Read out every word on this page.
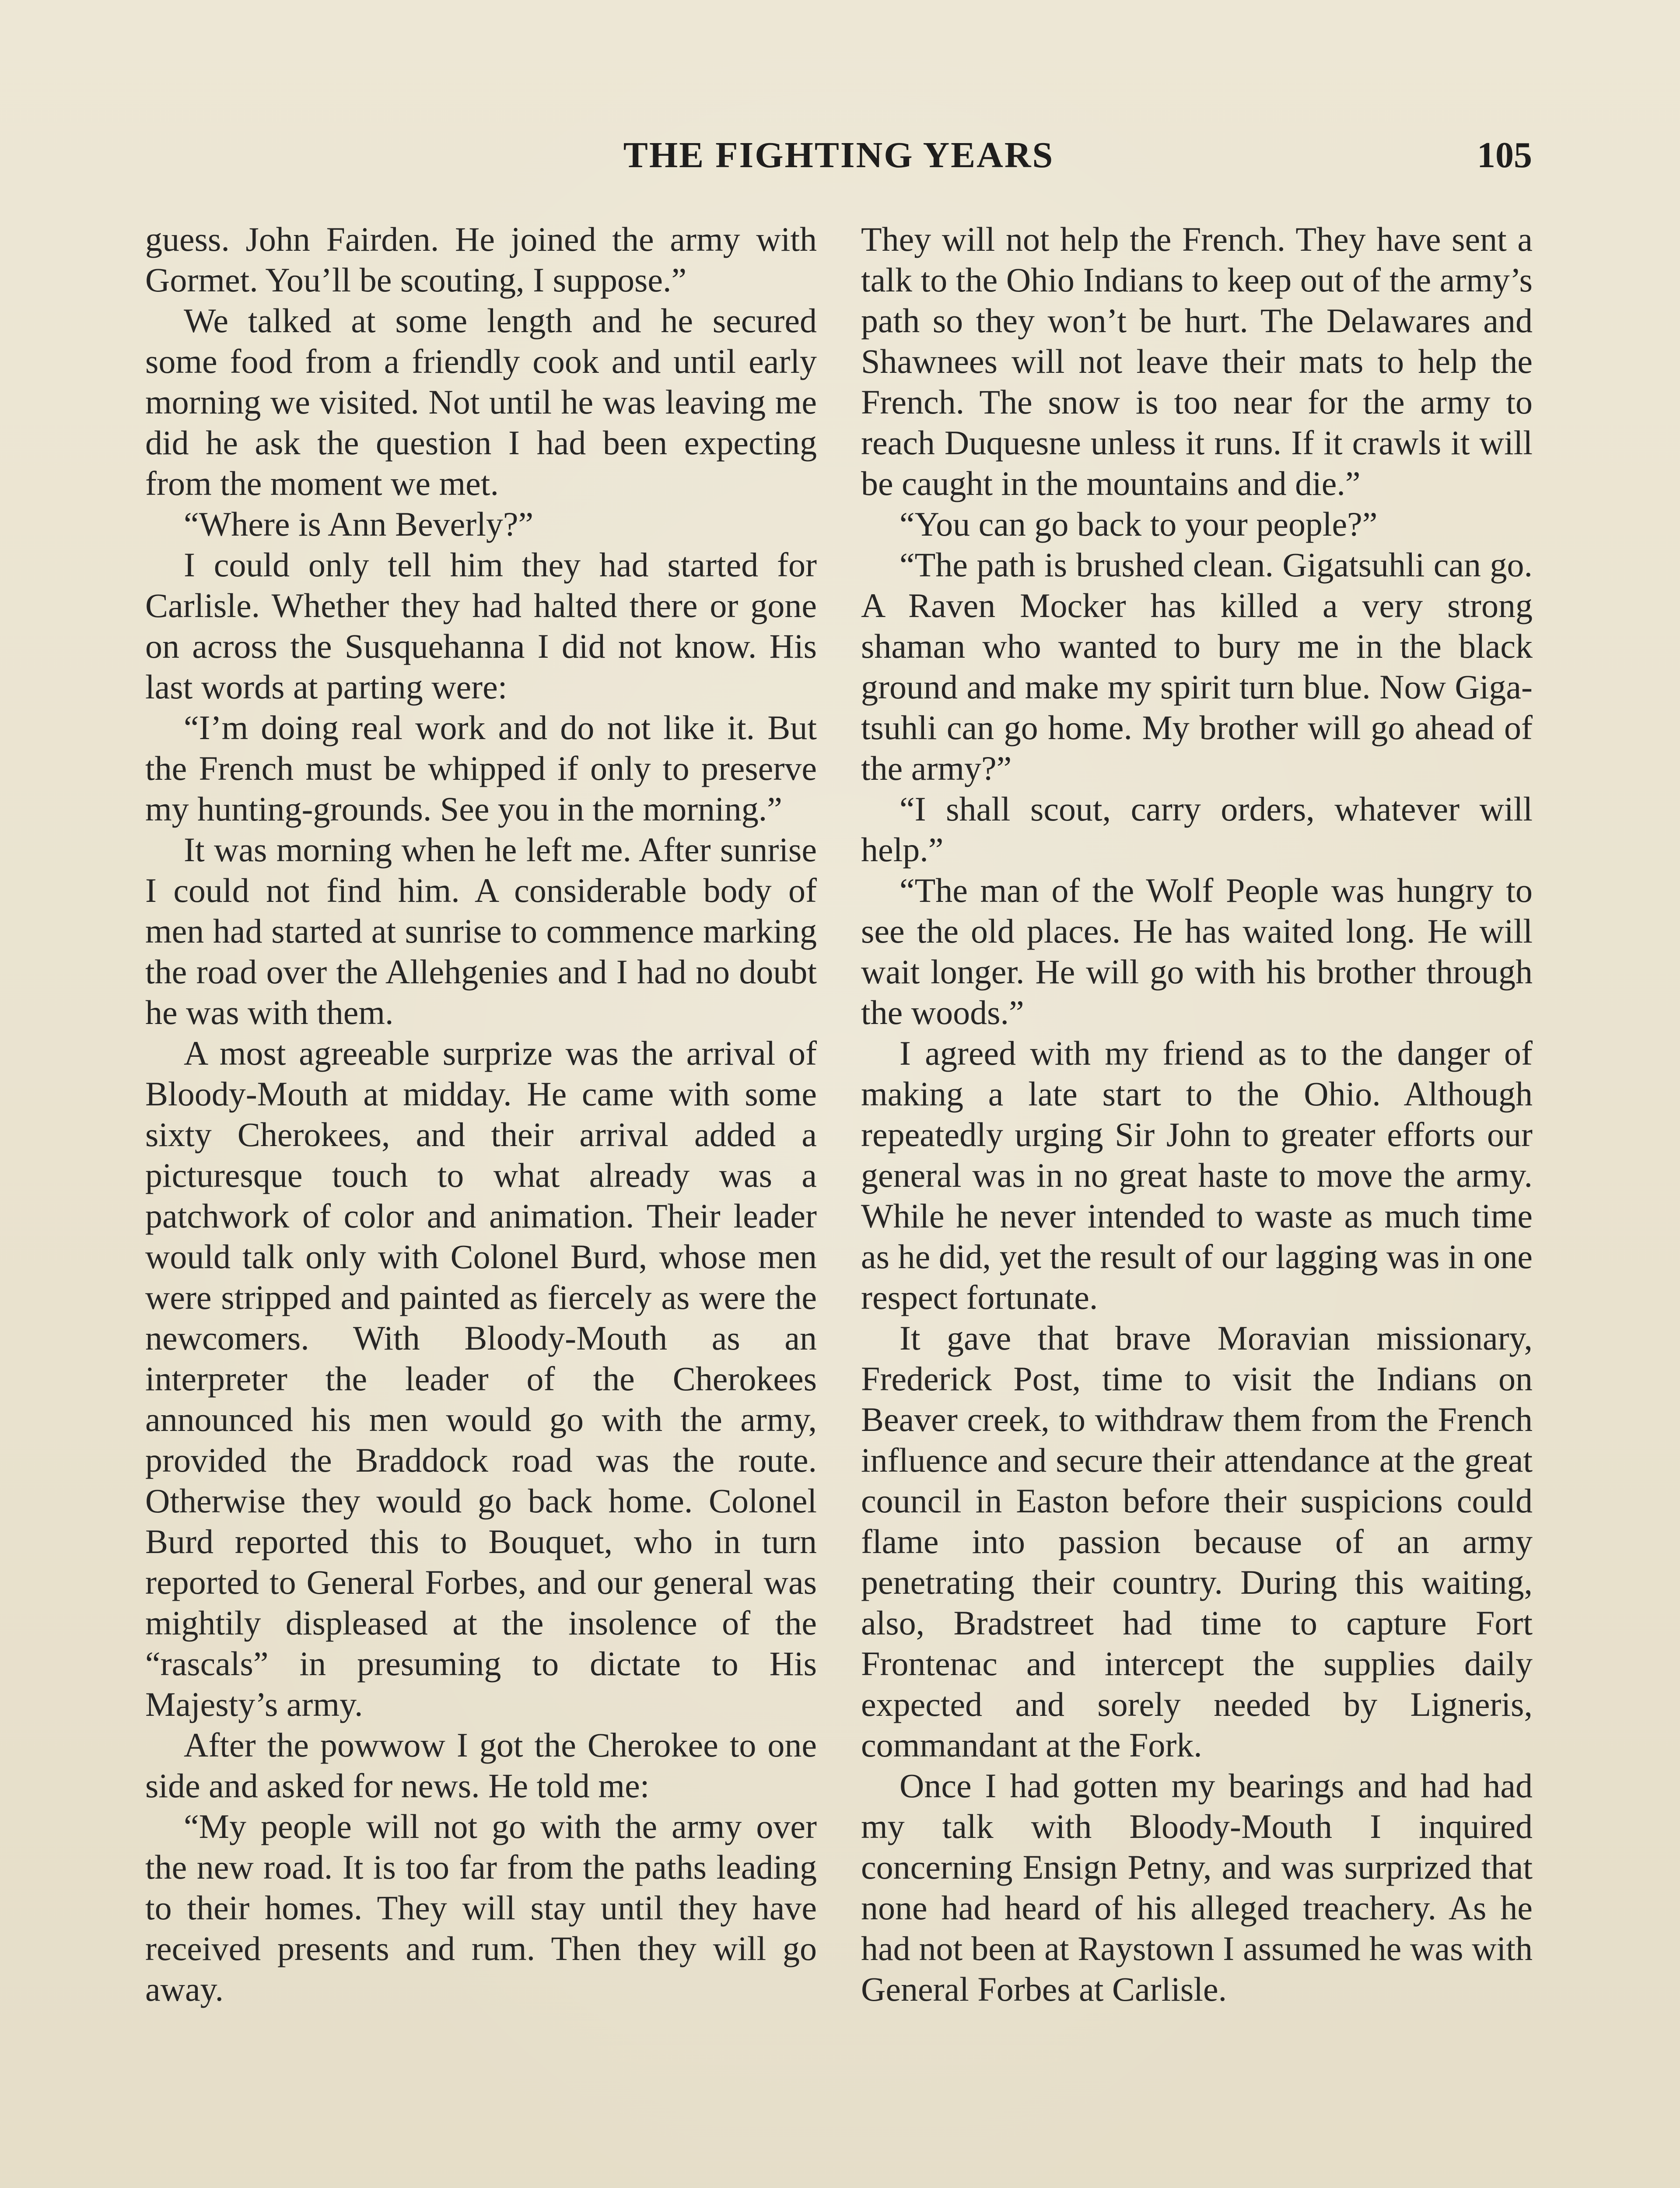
THE FIGHTING YEARS	105

guess. John Fairden. He joined the army with Gormet. You’ll be scouting, I suppose.”

We talked at some length and he secured some food from a friendly cook and until early morning we visited. Not until he was leaving me did he ask the question I had been expecting from the moment we met.

“Where is Ann Beverly?”

I could only tell him they had started for Carlisle. Whether they had halted there or gone on across the Susquehanna I did not know. His last words at parting were:

“I’m doing real work and do not like it. But the French must be whipped if only to preserve my hunting-grounds. See you in the morning.”

It was morning when he left me. After sunrise I could not find him. A considerable body of men had started at sunrise to commence marking the road over the Allehgenies and I had no doubt he was with them.

A most agreeable surprize was the arrival of Bloody-Mouth at midday. He came with some sixty Cherokees, and their arrival added a picturesque touch to what already was a patchwork of color and animation. Their leader would talk only with Colonel Burd, whose men were stripped and painted as fiercely as were the newcomers. With Bloody-Mouth as an interpreter the leader of the Cherokees announced his men would go with the army, provided the Braddock road was the route. Otherwise they would go back home. Colonel Burd reported this to Bouquet, who in turn reported to General Forbes, and our general was mightily displeased at the insolence of the “rascals” in presuming to dictate to His Majesty’s army.

After the powwow I got the Cherokee to one side and asked for news. He told me:

“My people will not go with the army over the new road. It is too far from the paths leading to their homes. They will stay until they have received presents and rum. Then they will go away.

They will not help the French. They have sent a talk to the Ohio Indians to keep out of the army’s path so they won’t be hurt. The Delawares and Shawnees will not leave their mats to help the French. The snow is too near for the army to reach Duquesne unless it runs. If it crawls it will be caught in the mountains and die.”

“You can go back to your people?”

“The path is brushed clean. Gigatsuhli can go. A Raven Mocker has killed a very strong shaman who wanted to bury me in the black ground and make my spirit turn blue. Now Giga-tsuhli can go home. My brother will go ahead of the army?”

“I shall scout, carry orders, whatever will help.”

“The man of the Wolf People was hungry to see the old places. He has waited long. He will wait longer. He will go with his brother through the woods.”

I agreed with my friend as to the danger of making a late start to the Ohio. Although repeatedly urging Sir John to greater efforts our general was in no great haste to move the army. While he never intended to waste as much time as he did, yet the result of our lagging was in one respect fortunate.

It gave that brave Moravian missionary, Frederick Post, time to visit the Indians on Beaver creek, to withdraw them from the French influence and secure their attendance at the great council in Easton before their suspicions could flame into passion because of an army penetrating their country. During this waiting, also, Bradstreet had time to capture Fort Frontenac and intercept the supplies daily expected and sorely needed by Ligneris, commandant at the Fork.

Once I had gotten my bearings and had had my talk with Bloody-Mouth I inquired concerning Ensign Petny, and was surprized that none had heard of his alleged treachery. As he had not been at Raystown I assumed he was with General Forbes at Carlisle.
